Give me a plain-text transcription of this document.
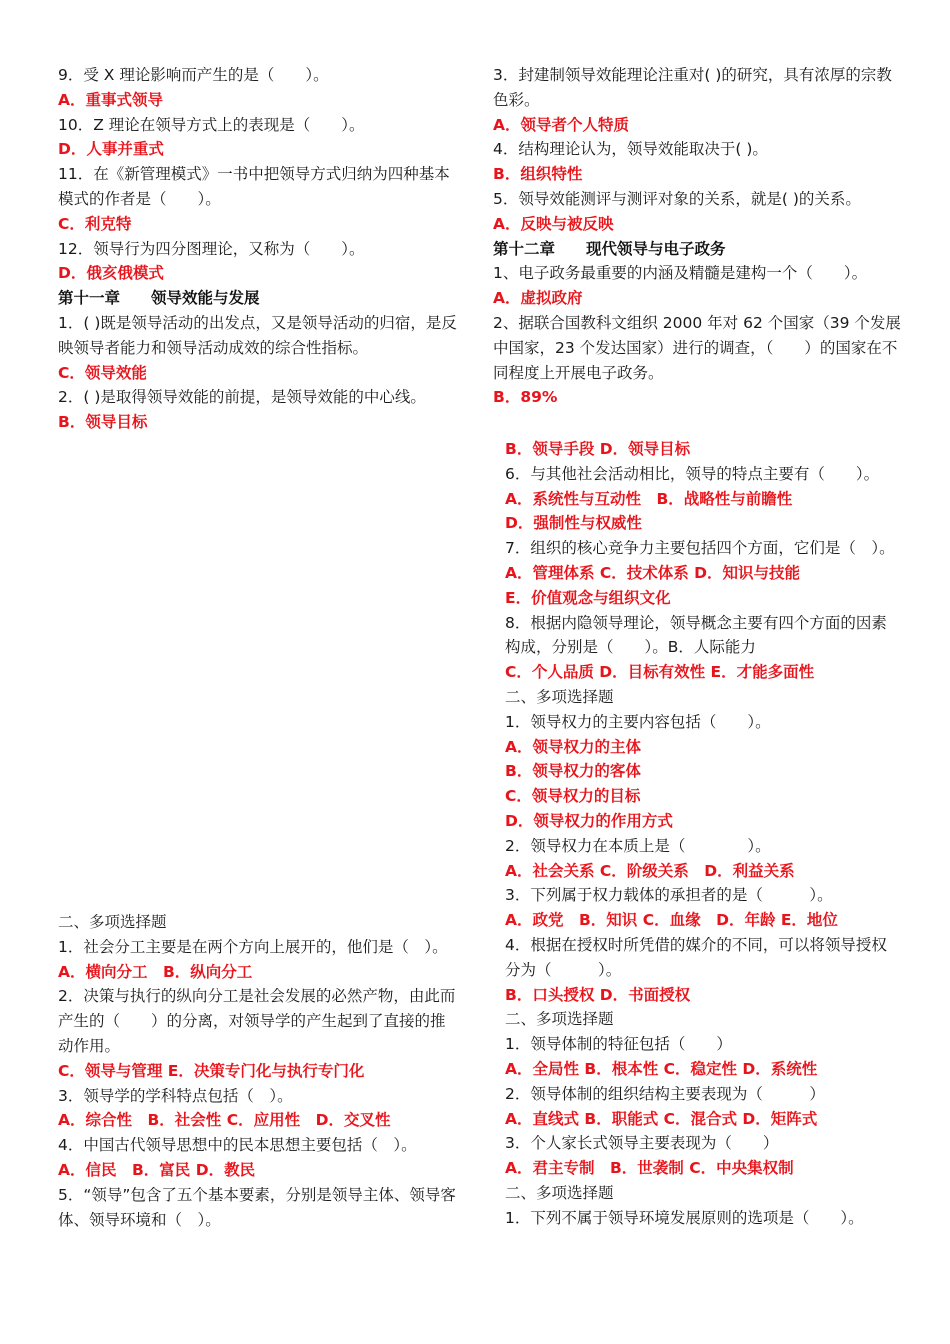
9．受 X 理论影响而产生的是（　　）。
A．重事式领导
10．Z 理论在领导方式上的表现是（　　）。
D．人事并重式
11．在《新管理模式》一书中把领导方式归纳为四种基本模式的作者是（　　）。
C．利克特
12．领导行为四分图理论，又称为（　　）。
D．俄亥俄模式
第十一章　　领导效能与发展
1．( )既是领导活动的出发点，又是领导活动的归宿，是反映领导者能力和领导活动成效的综合性指标。
C．领导效能
2．( )是取得领导效能的前提，是领导效能的中心线。
B．领导目标
3．封建制领导效能理论注重对( )的研究，具有浓厚的宗教色彩。
A．领导者个人特质
4．结构理论认为，领导效能取决于( )。
B．组织特性
5．领导效能测评与测评对象的关系，就是( )的关系。
A．反映与被反映
第十二章　　现代领导与电子政务
1、电子政务最重要的内涵及精髓是建构一个（　　）。
A．虚拟政府
2、据联合国教科文组织 2000 年对 62 个国家（39 个发展中国家，23 个发达国家）进行的调查，（　　）的国家在不同程度上开展电子政务。
B．89%
B．领导手段 D．领导目标
6．与其他社会活动相比，领导的特点主要有（　　）。
A．系统性与互动性　B．战略性与前瞻性
D．强制性与权威性
7．组织的核心竞争力主要包括四个方面，它们是（　）。
A．管理体系 C．技术体系 D．知识与技能
E．价值观念与组织文化
8．根据内隐领导理论，领导概念主要有四个方面的因素构成，分别是（　　）。B．人际能力
C．个人品质 D．目标有效性 E．才能多面性
二、多项选择题
1．领导权力的主要内容包括（　　）。
A．领导权力的主体
B．领导权力的客体
C．领导权力的目标
D．领导权力的作用方式
2．领导权力在本质上是（　　　　）。
A．社会关系 C．阶级关系　D．利益关系
3．下列属于权力载体的承担者的是（　　　）。
A．政党　B．知识 C．血缘　D．年龄 E．地位
4．根据在授权时所凭借的媒介的不同，可以将领导授权分为（　　　）。
B．口头授权 D．书面授权
二、多项选择题
1．领导体制的特征包括（　　）
A．全局性 B．根本性 C．稳定性 D．系统性
2．领导体制的组织结构主要表现为（　　　）
A．直线式 B．职能式 C．混合式 D．矩阵式
3．个人家长式领导主要表现为（　　）
A．君主专制　B．世袭制 C．中央集权制
二、多项选择题
1．下列不属于领导环境发展原则的选项是（　　）。
二、多项选择题
1．社会分工主要是在两个方向上展开的，他们是（　）。
A．横向分工　B．纵向分工
2．决策与执行的纵向分工是社会发展的必然产物，由此而产生的（　　）的分离，对领导学的产生起到了直接的推动作用。
C．领导与管理 E．决策专门化与执行专门化
3．领导学的学科特点包括（　）。
A．综合性　B．社会性 C．应用性　D．交叉性
4．中国古代领导思想中的民本思想主要包括（　）。
A．信民　B．富民 D．教民
5．“领导”包含了五个基本要素，分别是领导主体、领导客体、领导环境和（　）。
